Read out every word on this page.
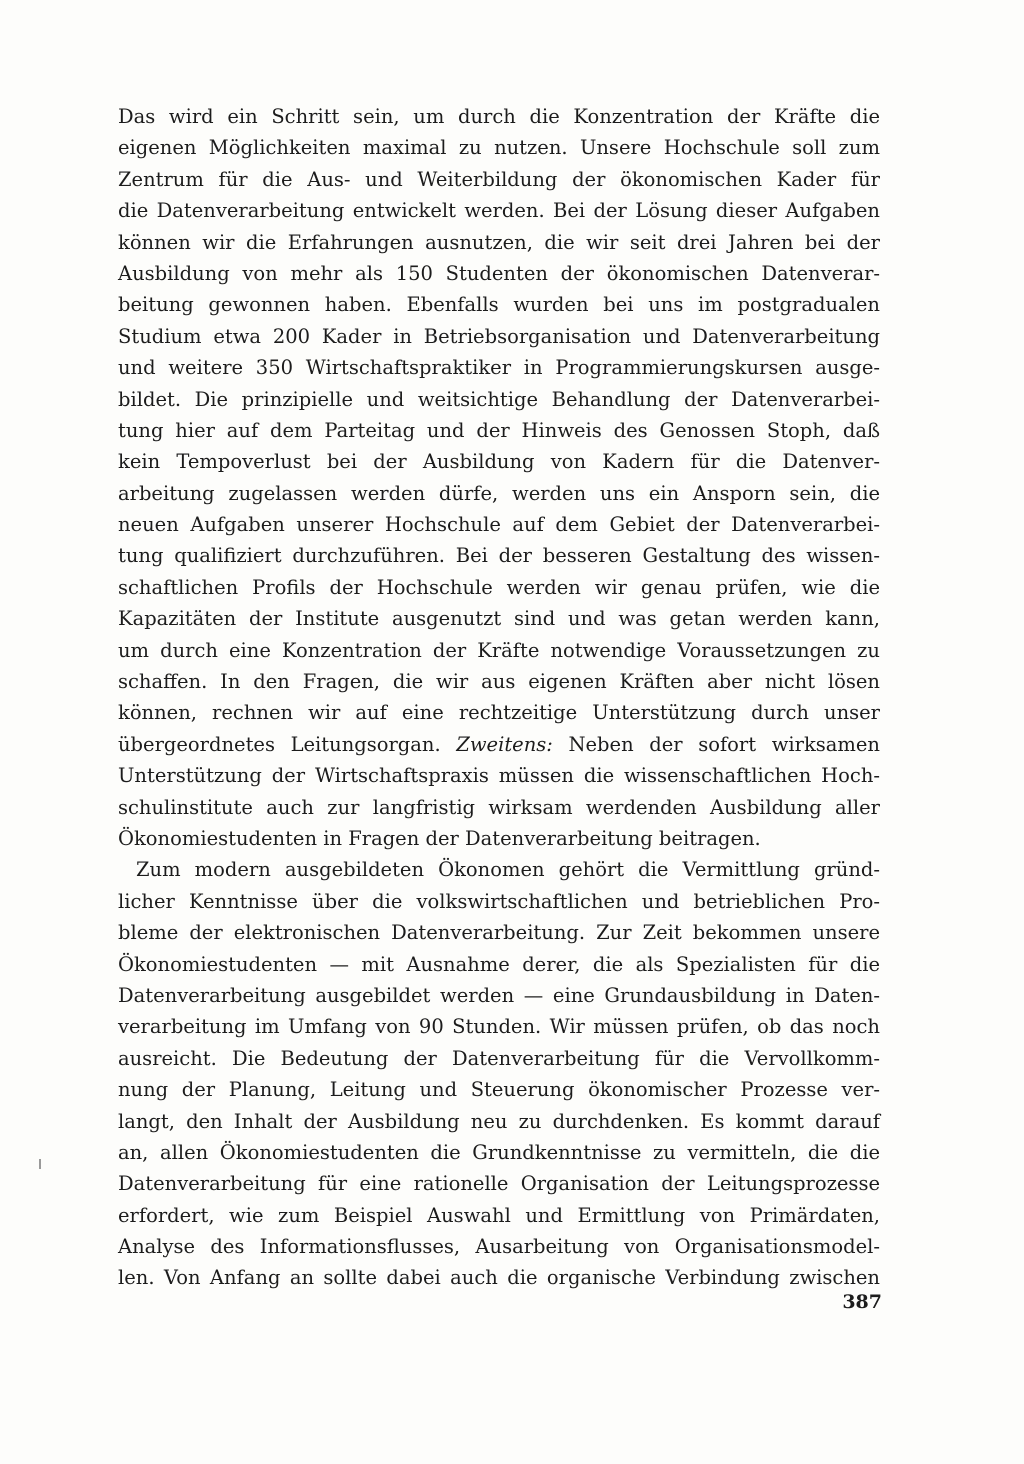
Das wird ein Schritt sein, um durch die Konzentration der Kräfte die
eigenen Möglichkeiten maximal zu nutzen. Unsere Hochschule soll zum
Zentrum für die Aus- und Weiterbildung der ökonomischen Kader für
die Datenverarbeitung entwickelt werden. Bei der Lösung dieser Aufgaben
können wir die Erfahrungen ausnutzen, die wir seit drei Jahren bei der
Ausbildung von mehr als 150 Studenten der ökonomischen Datenverar-
beitung gewonnen haben. Ebenfalls wurden bei uns im postgradualen
Studium etwa 200 Kader in Betriebsorganisation und Datenverarbeitung
und weitere 350 Wirtschaftspraktiker in Programmierungskursen ausge-
bildet. Die prinzipielle und weitsichtige Behandlung der Datenverarbei-
tung hier auf dem Parteitag und der Hinweis des Genossen Stoph, daß
kein Tempoverlust bei der Ausbildung von Kadern für die Datenver-
arbeitung zugelassen werden dürfe, werden uns ein Ansporn sein, die
neuen Aufgaben unserer Hochschule auf dem Gebiet der Datenverarbei-
tung qualifiziert durchzuführen. Bei der besseren Gestaltung des wissen-
schaftlichen Profils der Hochschule werden wir genau prüfen, wie die
Kapazitäten der Institute ausgenutzt sind und was getan werden kann,
um durch eine Konzentration der Kräfte notwendige Voraussetzungen zu
schaffen. In den Fragen, die wir aus eigenen Kräften aber nicht lösen
können, rechnen wir auf eine rechtzeitige Unterstützung durch unser
übergeordnetes Leitungsorgan. Zweitens: Neben der sofort wirksamen
Unterstützung der Wirtschaftspraxis müssen die wissenschaftlichen Hoch-
schulinstitute auch zur langfristig wirksam werdenden Ausbildung aller
Ökonomiestudenten in Fragen der Datenverarbeitung beitragen.
Zum modern ausgebildeten Ökonomen gehört die Vermittlung gründ-
licher Kenntnisse über die volkswirtschaftlichen und betrieblichen Pro-
bleme der elektronischen Datenverarbeitung. Zur Zeit bekommen unsere
Ökonomiestudenten — mit Ausnahme derer, die als Spezialisten für die
Datenverarbeitung ausgebildet werden — eine Grundausbildung in Daten-
verarbeitung im Umfang von 90 Stunden. Wir müssen prüfen, ob das noch
ausreicht. Die Bedeutung der Datenverarbeitung für die Vervollkomm-
nung der Planung, Leitung und Steuerung ökonomischer Prozesse ver-
langt, den Inhalt der Ausbildung neu zu durchdenken. Es kommt darauf
an, allen Ökonomiestudenten die Grundkenntnisse zu vermitteln, die die
Datenverarbeitung für eine rationelle Organisation der Leitungsprozesse
erfordert, wie zum Beispiel Auswahl und Ermittlung von Primärdaten,
Analyse des Informationsflusses, Ausarbeitung von Organisationsmodel-
len. Von Anfang an sollte dabei auch die organische Verbindung zwischen
387
